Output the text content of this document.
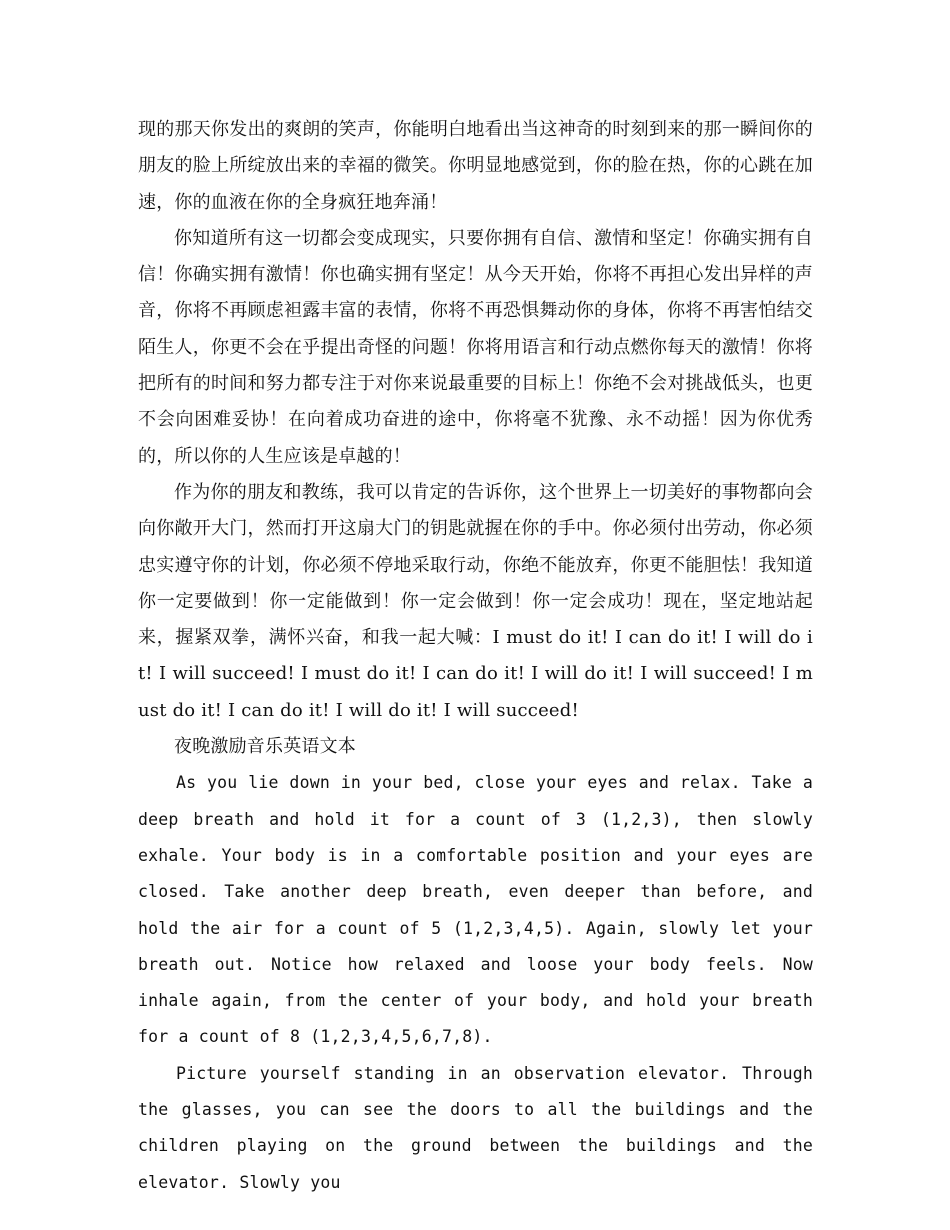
现的那天你发出的爽朗的笑声，你能明白地看出当这神奇的时刻到来的那一瞬间你的朋友的脸上所绽放出来的幸福的微笑。你明显地感觉到，你的脸在热，你的心跳在加速，你的血液在你的全身疯狂地奔涌！

你知道所有这一切都会变成现实，只要你拥有自信、激情和坚定！你确实拥有自信！你确实拥有激情！你也确实拥有坚定！从今天开始，你将不再担心发出异样的声音，你将不再顾虑袒露丰富的表情，你将不再恐惧舞动你的身体，你将不再害怕结交陌生人，你更不会在乎提出奇怪的问题！你将用语言和行动点燃你每天的激情！你将把所有的时间和努力都专注于对你来说最重要的目标上！你绝不会对挑战低头，也更不会向困难妥协！在向着成功奋进的途中，你将毫不犹豫、永不动摇！因为你优秀的，所以你的人生应该是卓越的！

作为你的朋友和教练，我可以肯定的告诉你，这个世界上一切美好的事物都向会向你敞开大门，然而打开这扇大门的钥匙就握在你的手中。你必须付出劳动，你必须忠实遵守你的计划，你必须不停地采取行动，你绝不能放弃，你更不能胆怯！我知道你一定要做到！你一定能做到！你一定会做到！你一定会成功！现在，坚定地站起来，握紧双拳，满怀兴奋，和我一起大喊：I must do it! I can do it! I will do it! I will succeed! I must do it! I can do it! I will do it! I will succeed! I must do it! I can do it! I will do it! I will succeed!

夜晚激励音乐英语文本

As you lie down in your bed, close your eyes and relax. Take a deep breath and hold it for a count of 3 (1,2,3), then slowly exhale. Your body is in a comfortable position and your eyes are closed. Take another deep breath, even deeper than before, and hold the air for a count of 5 (1,2,3,4,5). Again, slowly let your breath out. Notice how relaxed and loose your body feels. Now inhale again, from the center of your body, and hold your breath for a count of 8 (1,2,3,4,5,6,7,8).

Picture yourself standing in an observation elevator. Through the glasses, you can see the doors to all the buildings and the children playing on the ground between the buildings and the elevator. Slowly you
